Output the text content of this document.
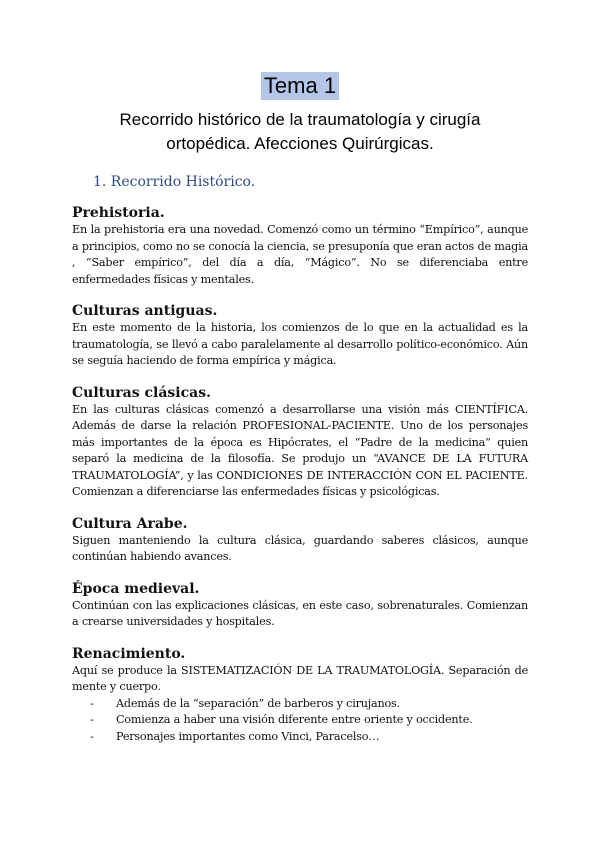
Tema 1

Recorrido histórico de la traumatología y cirugía ortopédica. Afecciones Quirúrgicas.

1. Recorrido Histórico.

Prehistoria.

En la prehistoria era una novedad. Comenzó como un término “Empírico”, aunque a principios, como no se conocía la ciencia, se presuponía que eran actos de magia , “Saber empírico”, del día a día, “Mágico”. No se diferenciaba entre enfermedades físicas y mentales.

Culturas antiguas.

En este momento de la historia, los comienzos de lo que en la actualidad es la traumatología, se llevó a cabo paralelamente al desarrollo político-económico. Aún se seguía haciendo de forma empírica y mágica.

Culturas clásicas.

En las culturas clásicas comenzó a desarrollarse una visión más CIENTÍFICA. Además de darse la relación PROFESIONAL-PACIENTE. Uno de los personajes más importantes de la época es Hipócrates, el “Padre de la medicina” quien separó la medicina de la filosofía. Se produjo un “AVANCE DE LA FUTURA TRAUMATOLOGÍA”, y las CONDICIONES DE INTERACCIÓN CON EL PACIENTE. Comienzan a diferenciarse las enfermedades físicas y psicológicas.

Cultura Arabe.

Siguen manteniendo la cultura clásica, guardando saberes clásicos, aunque continúan habiendo avances.

Época medieval.

Continúan con las explicaciones clásicas, en este caso, sobrenaturales. Comienzan a crearse universidades y hospitales.

Renacimiento.

Aquí se produce la SISTEMATIZACIÓN DE LA TRAUMATOLOGÍA. Separación de mente y cuerpo.

- Además de la “separación” de barberos y cirujanos.
- Comienza a haber una visión diferente entre oriente y occidente.
- Personajes importantes como Vinci, Paracelso…
